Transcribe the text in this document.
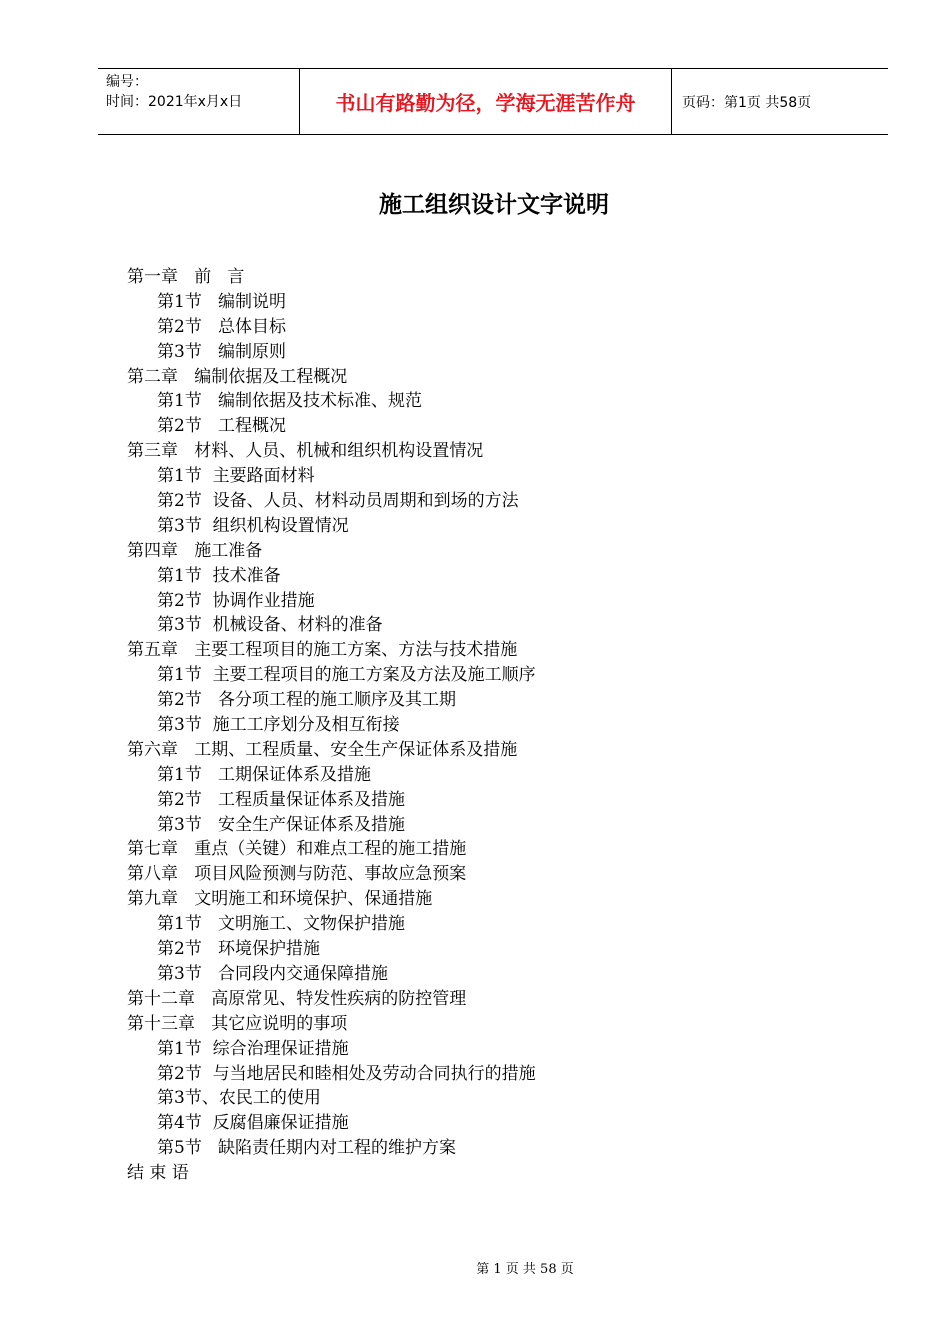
编号：
时间：2021年x月x日	书山有路勤为径，学海无涯苦作舟	页码：第1页 共58页
施工组织设计文字说明
第一章   前   言
第1节   编制说明
第2节   总体目标
第3节   编制原则
第二章   编制依据及工程概况
第1节   编制依据及技术标准、规范
第2节   工程概况
第三章   材料、人员、机械和组织机构设置情况
第1节  主要路面材料
第2节  设备、人员、材料动员周期和到场的方法
第3节  组织机构设置情况
第四章   施工准备
第1节  技术准备
第2节  协调作业措施
第3节  机械设备、材料的准备
第五章   主要工程项目的施工方案、方法与技术措施
第1节  主要工程项目的施工方案及方法及施工顺序
第2节   各分项工程的施工顺序及其工期
第3节  施工工序划分及相互衔接
第六章   工期、工程质量、安全生产保证体系及措施
第1节   工期保证体系及措施
第2节   工程质量保证体系及措施
第3节   安全生产保证体系及措施
第七章   重点（关键）和难点工程的施工措施
第八章   项目风险预测与防范、事故应急预案
第九章   文明施工和环境保护、保通措施
第1节   文明施工、文物保护措施
第2节   环境保护措施
第3节   合同段内交通保障措施
第十二章   高原常见、特发性疾病的防控管理
第十三章   其它应说明的事项
第1节  综合治理保证措施
第2节  与当地居民和睦相处及劳动合同执行的措施
第3节、农民工的使用
第4节  反腐倡廉保证措施
第5节   缺陷责任期内对工程的维护方案
结 束 语
第 1 页 共 58 页
